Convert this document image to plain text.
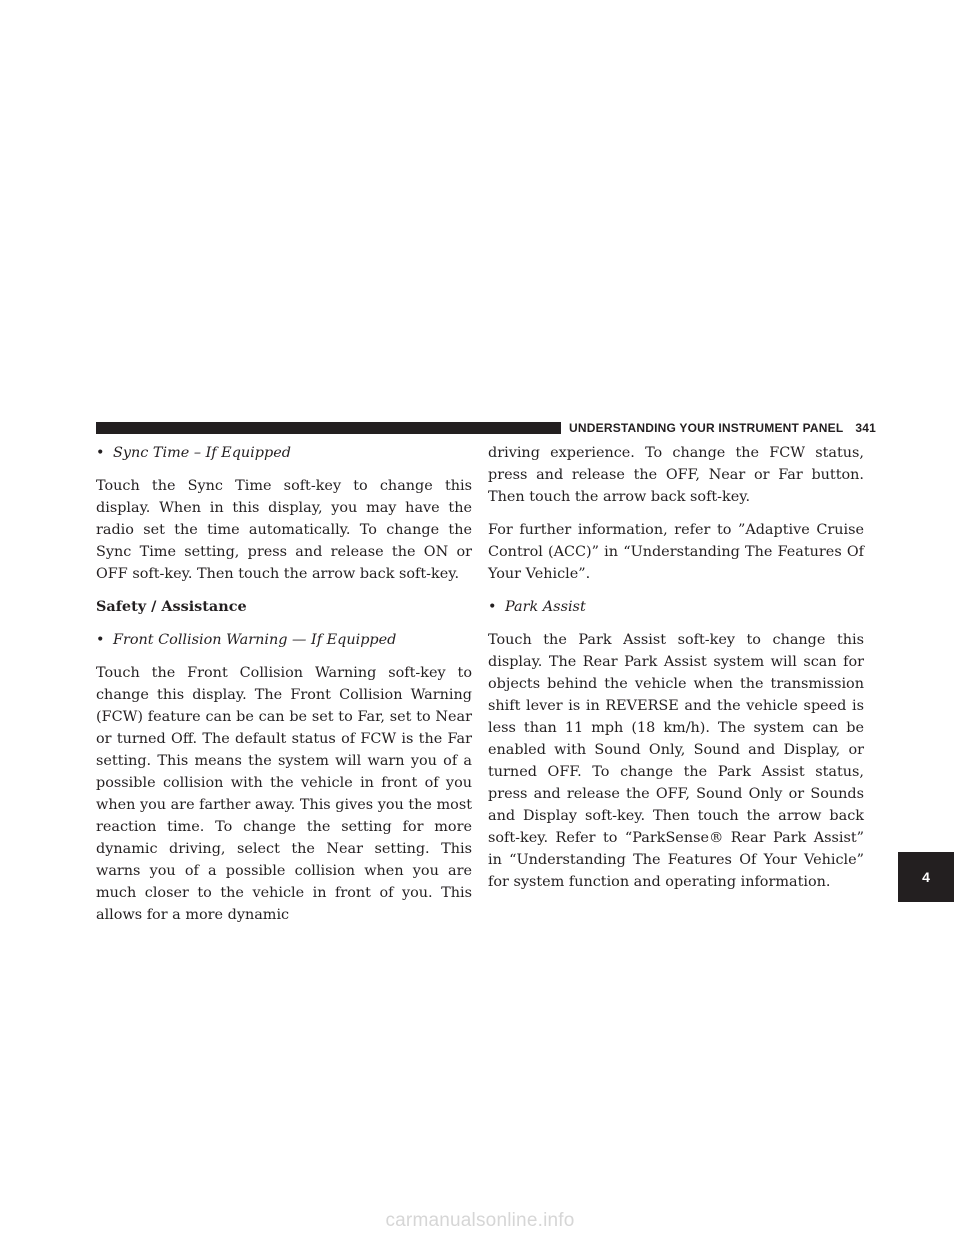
UNDERSTANDING YOUR INSTRUMENT PANEL 341
4
• Sync Time – If Equipped

Touch the Sync Time soft-key to change this display. When in this display, you may have the radio set the time automatically. To change the Sync Time setting, press and release the ON or OFF soft-key. Then touch the arrow back soft-key.

Safety / Assistance
• Front Collision Warning — If Equipped

Touch the Front Collision Warning soft-key to change this display. The Front Collision Warning (FCW) feature can be can be set to Far, set to Near or turned Off. The default status of FCW is the Far setting. This means the system will warn you of a possible collision with the vehicle in front of you when you are farther away. This gives you the most reaction time. To change the setting for more dynamic driving, select the Near setting. This warns you of a possible collision when you are much closer to the vehicle in front of you. This allows for a more dynamic

driving experience. To change the FCW status, press and release the OFF, Near or Far button. Then touch the arrow back soft-key.

For further information, refer to ”Adaptive Cruise Control (ACC)” in “Understanding The Features Of Your Vehicle”.

• Park Assist

Touch the Park Assist soft-key to change this display. The Rear Park Assist system will scan for objects behind the vehicle when the transmission shift lever is in REVERSE and the vehicle speed is less than 11 mph (18 km/h). The system can be enabled with Sound Only, Sound and Display, or turned OFF. To change the Park Assist status, press and release the OFF, Sound Only or Sounds and Display soft-key. Then touch the arrow back soft-key. Refer to “ParkSense® Rear Park Assist” in “Understanding The Features Of Your Vehicle” for system function and operating information.

carmanualsonline.info
